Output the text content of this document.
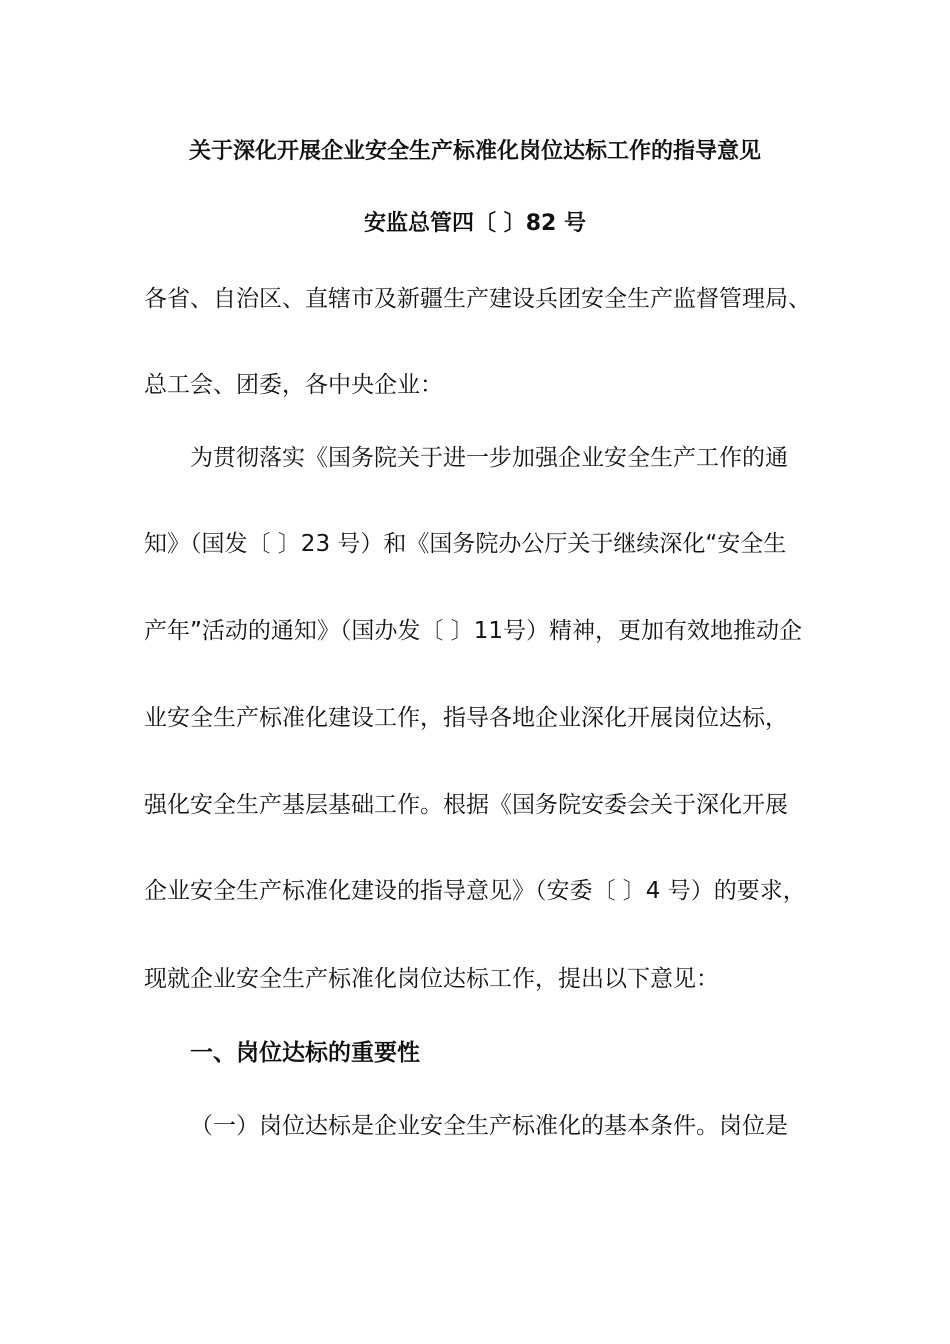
关于深化开展企业安全生产标准化岗位达标工作的指导意见
安监总管四〔 〕82 号
各省、自治区、直辖市及新疆生产建设兵团安全生产监督管理局、
总工会、团委，各中央企业：
为贯彻落实《国务院关于进一步加强企业安全生产工作的通
知》（国发〔 〕23 号）和《国务院办公厅关于继续深化“安全生
产年”活动的通知》（国办发〔 〕11号）精神，更加有效地推动企
业安全生产标准化建设工作，指导各地企业深化开展岗位达标，
强化安全生产基层基础工作。根据《国务院安委会关于深化开展
企业安全生产标准化建设的指导意见》（安委〔 〕4 号）的要求，
现就企业安全生产标准化岗位达标工作，提出以下意见：
一、岗位达标的重要性
（一）岗位达标是企业安全生产标准化的基本条件。岗位是
